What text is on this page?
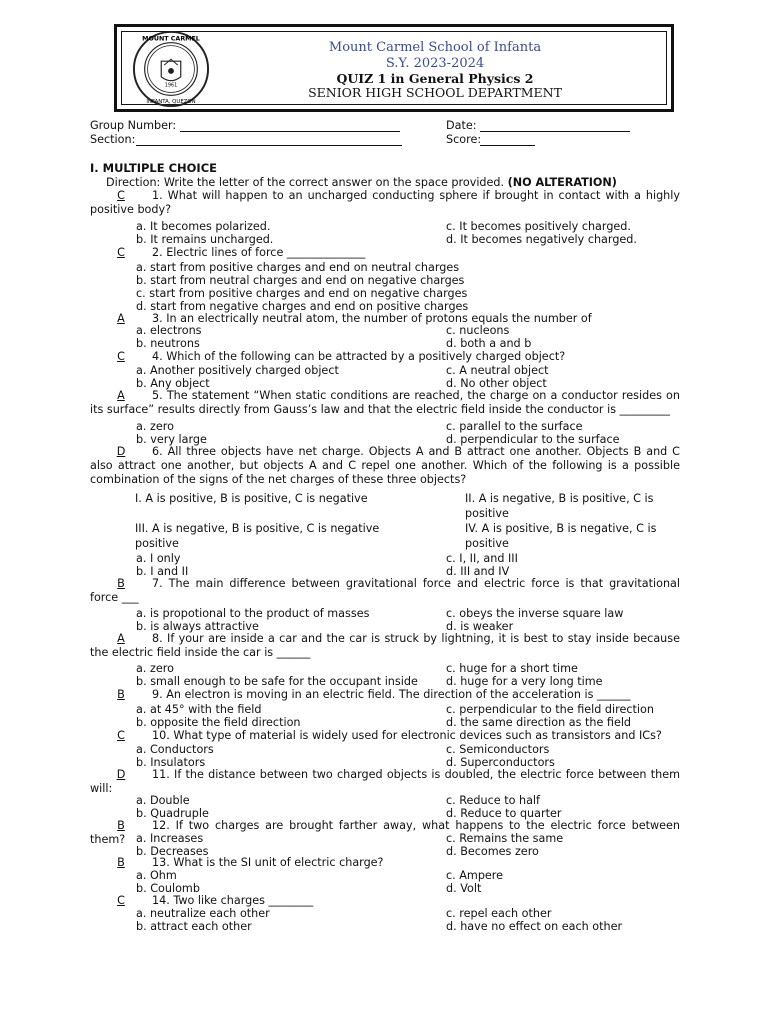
1961
MOUNT CARMEL
INFANTA, QUEZON
Mount Carmel School of Infanta
S.Y. 2023-2024
QUIZ 1 in General Physics 2
SENIOR HIGH SCHOOL DEPARTMENT
Group Number:	Date:
Section:	Score:
I. MULTIPLE CHOICE
Direction: Write the letter of the correct answer on the space provided. (NO ALTERATION)
C 1. What will happen to an uncharged conducting sphere if brought in contact with a highly positive body?
a. It becomes polarized.
b. It remains uncharged.
c. It becomes positively charged.
d. It becomes negatively charged.
C 2. Electric lines of force ______________
a. start from positive charges and end on neutral charges
b. start from neutral charges and end on negative charges
c. start from positive charges and end on negative charges
d. start from negative charges and end on positive charges
A 3. In an electrically neutral atom, the number of protons equals the number of
a. electrons
b. neutrons
c. nucleons
d. both a and b
C 4. Which of the following can be attracted by a positively charged object?
a. Another positively charged object
b. Any object
c. A neutral object
d. No other object
A 5. The statement “When static conditions are reached, the charge on a conductor resides on its surface” results directly from Gauss’s law and that the electric field inside the conductor is _________
a. zero
b. very large
c. parallel to the surface
d. perpendicular to the surface
D 6. All three objects have net charge. Objects A and B attract one another. Objects B and C also attract one another, but objects A and C repel one another. Which of the following is a possible combination of the signs of the net charges of these three objects?
I. A is positive, B is positive, C is negative	II. A is negative, B is positive, C is positive
III. A is negative, B is positive, C is negative positive
IV. A is positive, B is negative, C is positive
a. I only
b. I and II
c. I, II, and III
d. III and IV
B 7. The main difference between gravitational force and electric force is that gravitational force ___
a. is propotional to the product of masses
b. is always attractive
c. obeys the inverse square law
d. is weaker
A 8. If your are inside a car and the car is struck by lightning, it is best to stay inside because the electric field inside the car is ______
a. zero
b. small enough to be safe for the occupant inside
c. huge for a short time
d. huge for a very long time
B 9. An electron is moving in an electric field. The direction of the acceleration is ______
a. at 45° with the field
b. opposite the field direction
c. perpendicular to the field direction
d. the same direction as the field
C 10. What type of material is widely used for electronic devices such as transistors and ICs?
a. Conductors
b. Insulators
c. Semiconductors
d. Superconductors
D 11. If the distance between two charged objects is doubled, the electric force between them will:
a. Double
b. Quadruple
c. Reduce to half
d. Reduce to quarter
B 12. If two charges are brought farther away, what happens to the electric force between them? a. Increases
b. Decreases
c. Remains the same
d. Becomes zero
B 13. What is the SI unit of electric charge?
a. Ohm
b. Coulomb
c. Ampere
d. Volt
C 14. Two like charges ________
a. neutralize each other
b. attract each other
c. repel each other
d. have no effect on each other
